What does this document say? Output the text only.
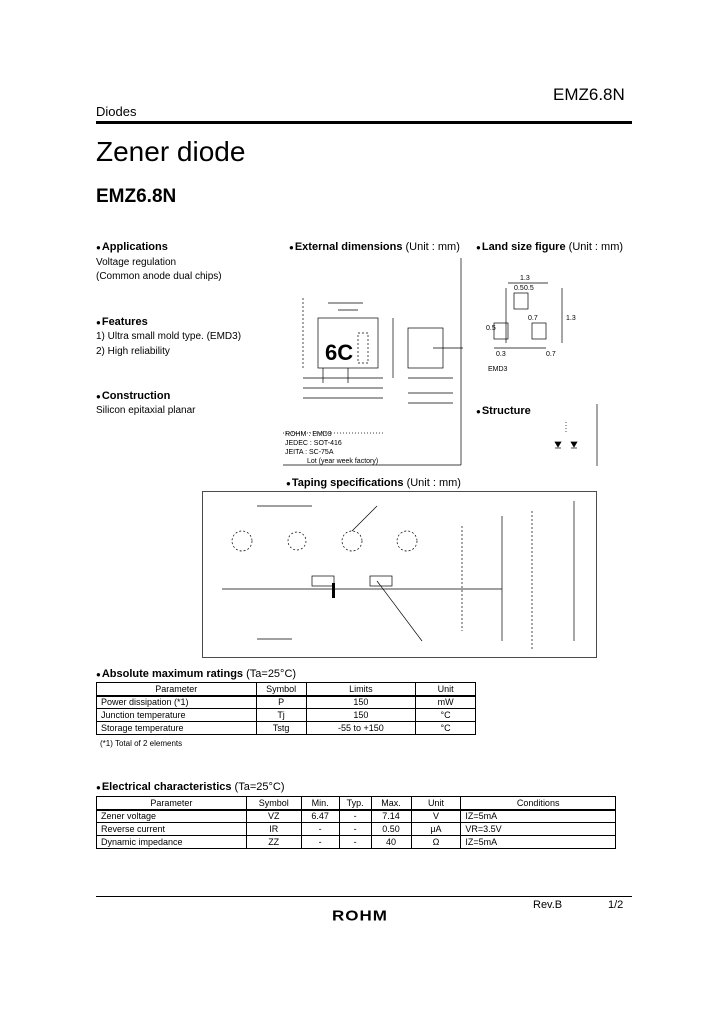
Diodes
EMZ6.8N
Zener diode
EMZ6.8N
● Applications
Voltage regulation
(Common anode dual chips)
● Features
1) Ultra small mold type. (EMD3)
2) High reliability
● Construction
Silicon epitaxial planar
● External dimensions (Unit : mm)
6C
ROHM : EMD3
JEDEC : SOT-416
JEITA : SC-75A
Lot (year week factory)
● Land size figure (Unit : mm)
1.3
0.5 0.5
0.7
0.3
0.5
0.7
1.3
EMD3
● Structure
● Taping specifications (Unit : mm)
● Absolute maximum ratings (Ta=25°C)
Parameter	Symbol	Limits	Unit
Power dissipation (*1)	P	150	mW
Junction temperature	Tj	150	°C
Storage temperature	Tstg	-55 to +150	°C
(*1) Total of 2 elements
● Electrical characteristics (Ta=25°C)
Parameter	Symbol	Min.	Typ.	Max.	Unit	Conditions
Zener voltage	VZ	6.47	-	7.14	V	IZ=5mA
Reverse current	IR	-	-	0.50	μA	VR=3.5V
Dynamic impedance	ZZ	-	-	40	Ω	IZ=5mA
Rev.B	1/2
ROHM
